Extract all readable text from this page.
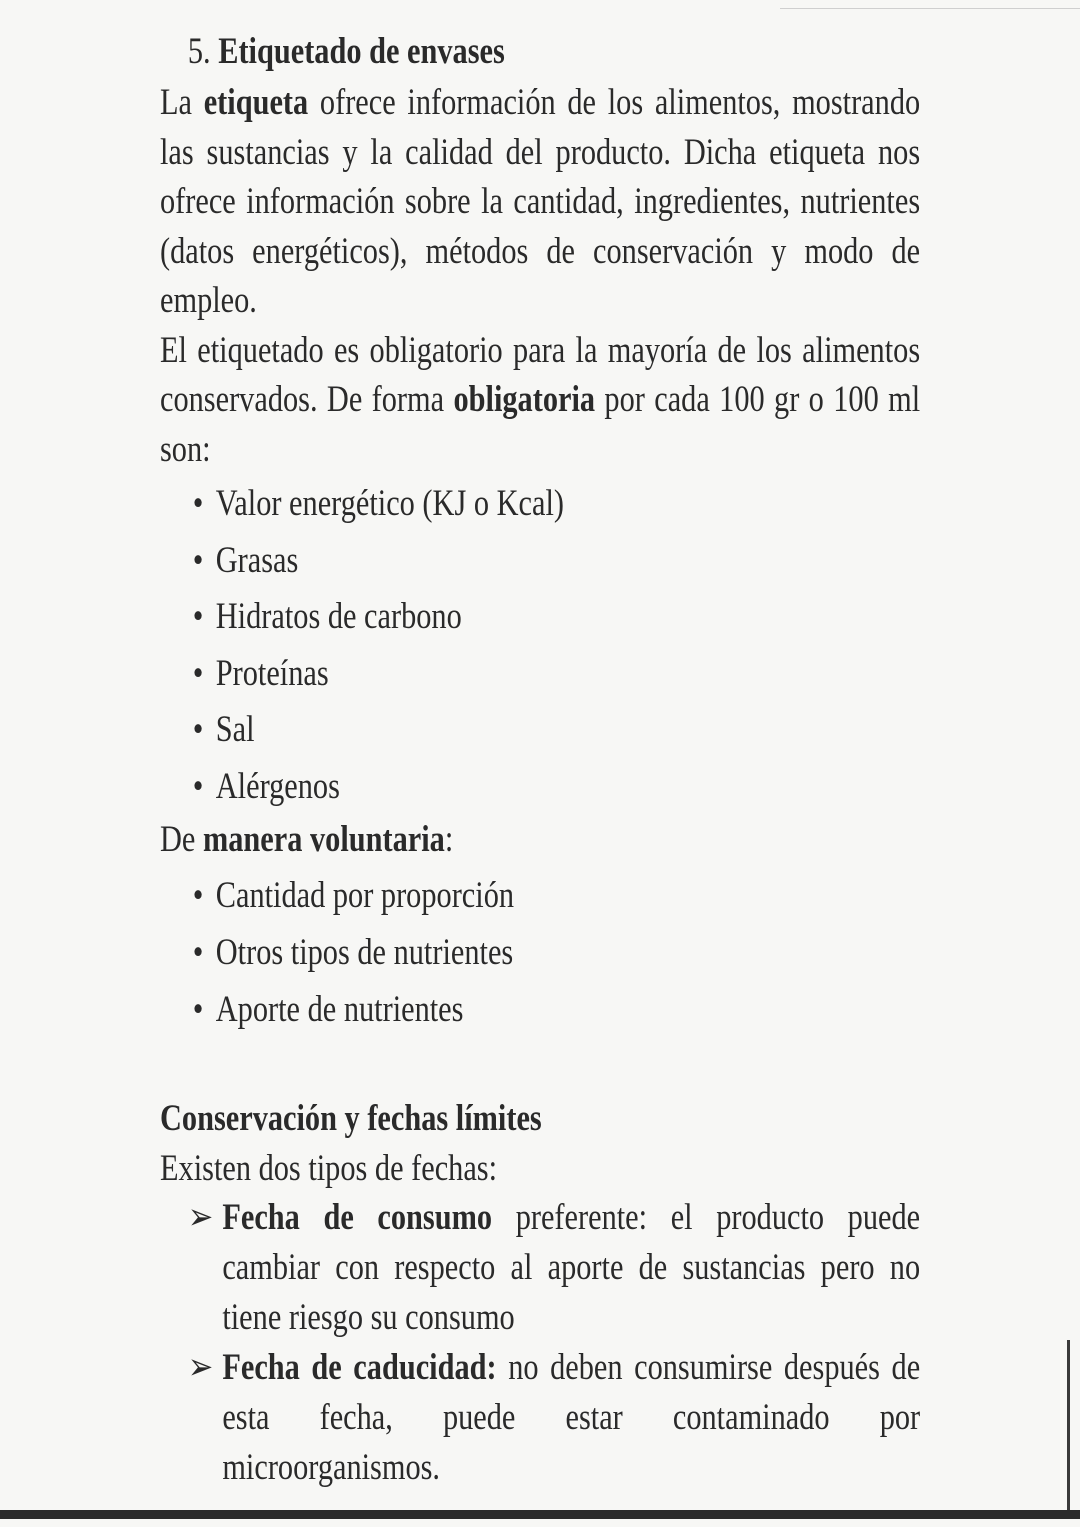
5. Etiquetado de envases

La etiqueta ofrece información de los alimentos, mostrando las sustancias y la calidad del producto. Dicha etiqueta nos ofrece información sobre la cantidad, ingredientes, nutrientes (datos energéticos), métodos de conservación y modo de empleo.

El etiquetado es obligatorio para la mayoría de los alimentos conservados. De forma obligatoria por cada 100 gr o 100 ml son:

• Valor energético (KJ o Kcal)
• Grasas
• Hidratos de carbono
• Proteínas
• Sal
• Alérgenos

De manera voluntaria:

• Cantidad por proporción
• Otros tipos de nutrientes
• Aporte de nutrientes

Conservación y fechas límites

Existen dos tipos de fechas:

➢ Fecha de consumo preferente: el producto puede cambiar con respecto al aporte de sustancias pero no tiene riesgo su consumo
➢ Fecha de caducidad: no deben consumirse después de esta fecha, puede estar contaminado por microorganismos.
